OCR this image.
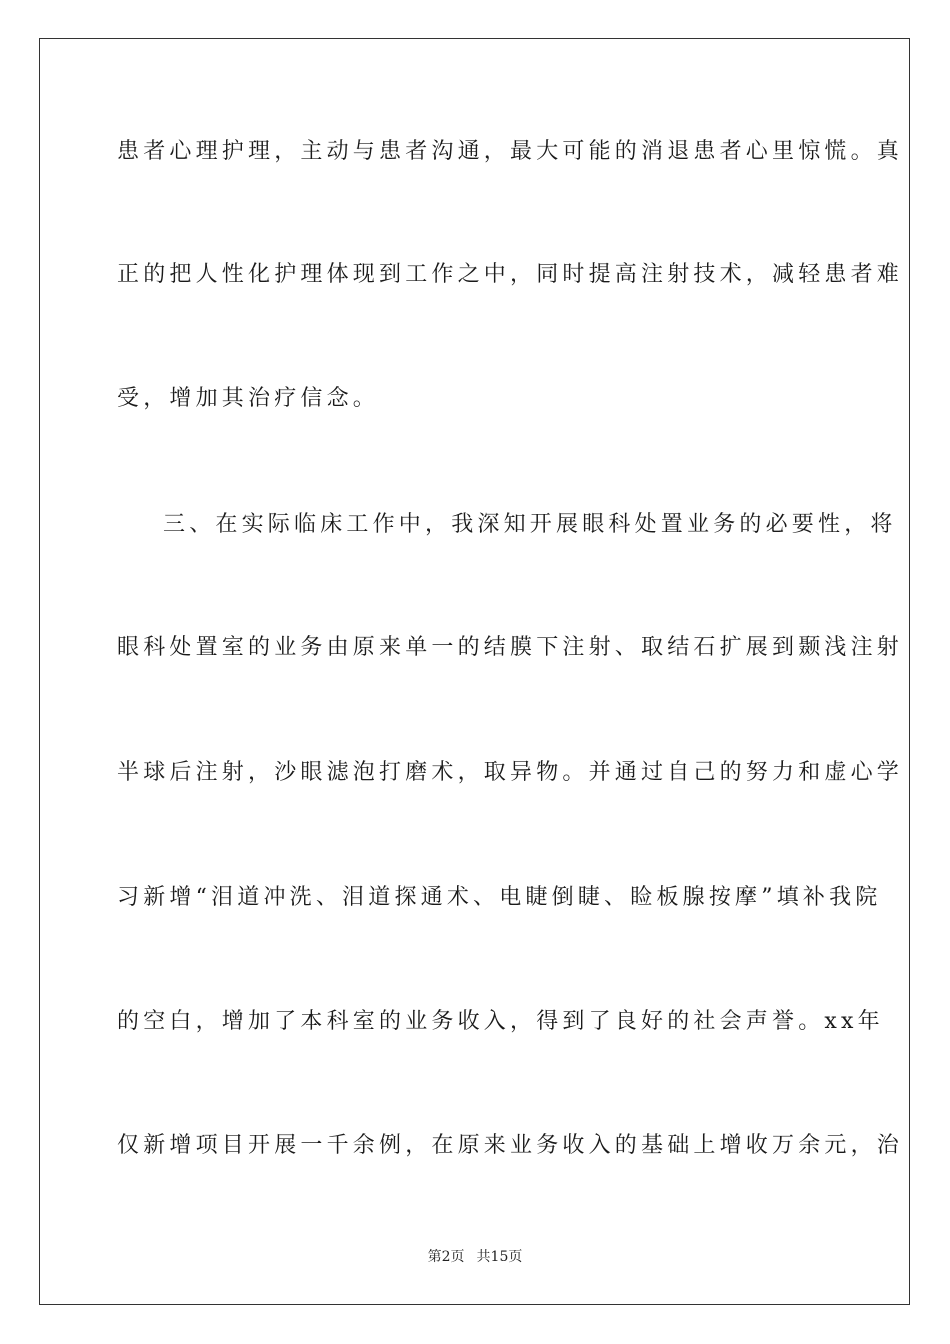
患者心理护理，主动与患者沟通，最大可能的消退患者心里惊慌。真

正的把人性化护理体现到工作之中，同时提高注射技术，减轻患者难

受，增加其治疗信念。

三、在实际临床工作中，我深知开展眼科处置业务的必要性，将

眼科处置室的业务由原来单一的结膜下注射、取结石扩展到颞浅注射

半球后注射，沙眼滤泡打磨术，取异物。并通过自己的努力和虚心学

习新增“泪道冲洗、泪道探通术、电睫倒睫、睑板腺按摩”填补我院

的空白，增加了本科室的业务收入，得到了良好的社会声誉。xx年

仅新增项目开展一千余例，在原来业务收入的基础上增收万余元，治

第2页 共15页
